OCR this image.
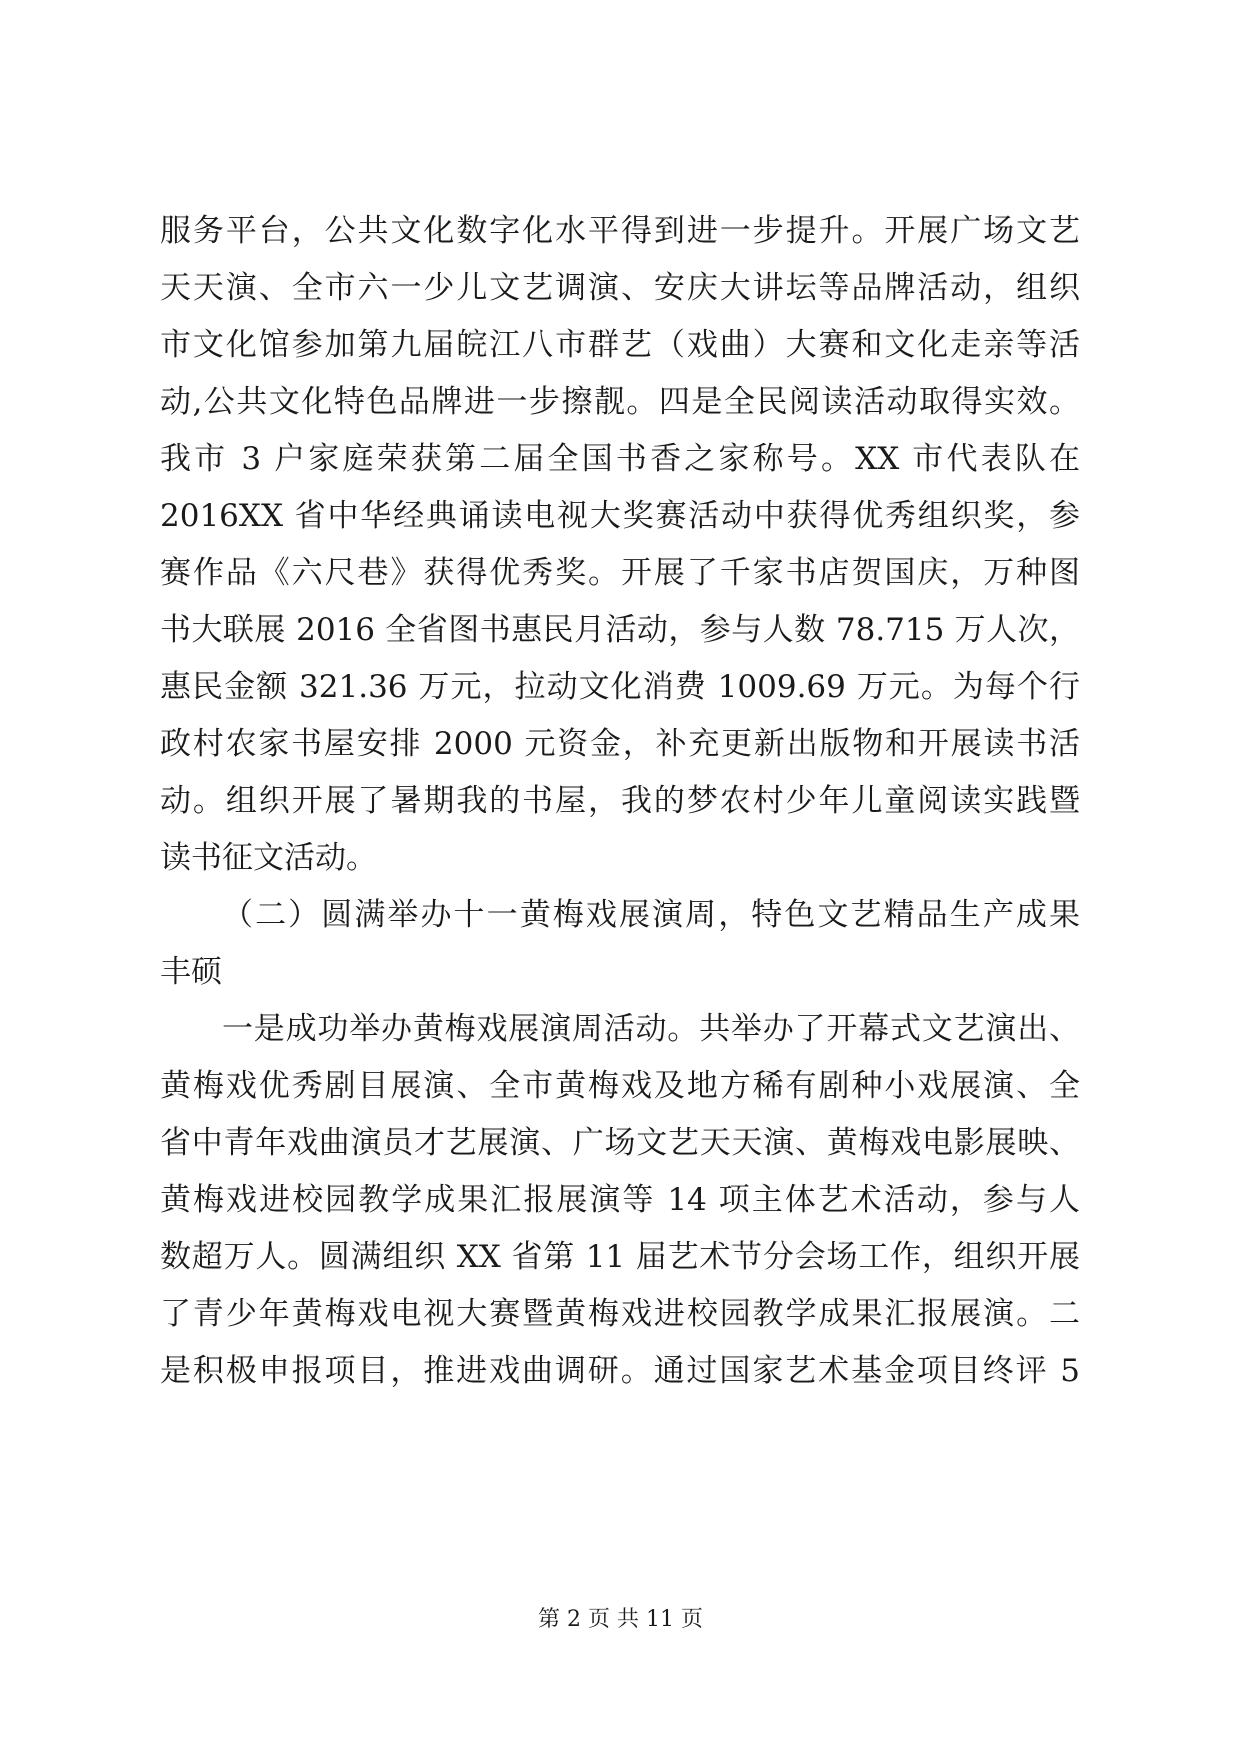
服务平台，公共文化数字化水平得到进一步提升。开展广场文艺
天天演、全市六一少儿文艺调演、安庆大讲坛等品牌活动，组织
市文化馆参加第九届皖江八市群艺（戏曲）大赛和文化走亲等活
动,公共文化特色品牌进一步擦靓。四是全民阅读活动取得实效。
我市 3 户家庭荣获第二届全国书香之家称号。XX 市代表队在
2016XX 省中华经典诵读电视大奖赛活动中获得优秀组织奖，参
赛作品《六尺巷》获得优秀奖。开展了千家书店贺国庆，万种图
书大联展 2016 全省图书惠民月活动，参与人数 78.715 万人次，
惠民金额 321.36 万元，拉动文化消费 1009.69 万元。为每个行
政村农家书屋安排 2000 元资金，补充更新出版物和开展读书活
动。组织开展了暑期我的书屋，我的梦农村少年儿童阅读实践暨
读书征文活动。
（二）圆满举办十一黄梅戏展演周，特色文艺精品生产成果
丰硕
一是成功举办黄梅戏展演周活动。共举办了开幕式文艺演出、
黄梅戏优秀剧目展演、全市黄梅戏及地方稀有剧种小戏展演、全
省中青年戏曲演员才艺展演、广场文艺天天演、黄梅戏电影展映、
黄梅戏进校园教学成果汇报展演等 14 项主体艺术活动，参与人
数超万人。圆满组织 XX 省第 11 届艺术节分会场工作，组织开展
了青少年黄梅戏电视大赛暨黄梅戏进校园教学成果汇报展演。二
是积极申报项目，推进戏曲调研。通过国家艺术基金项目终评 5
第 2 页 共 11 页
